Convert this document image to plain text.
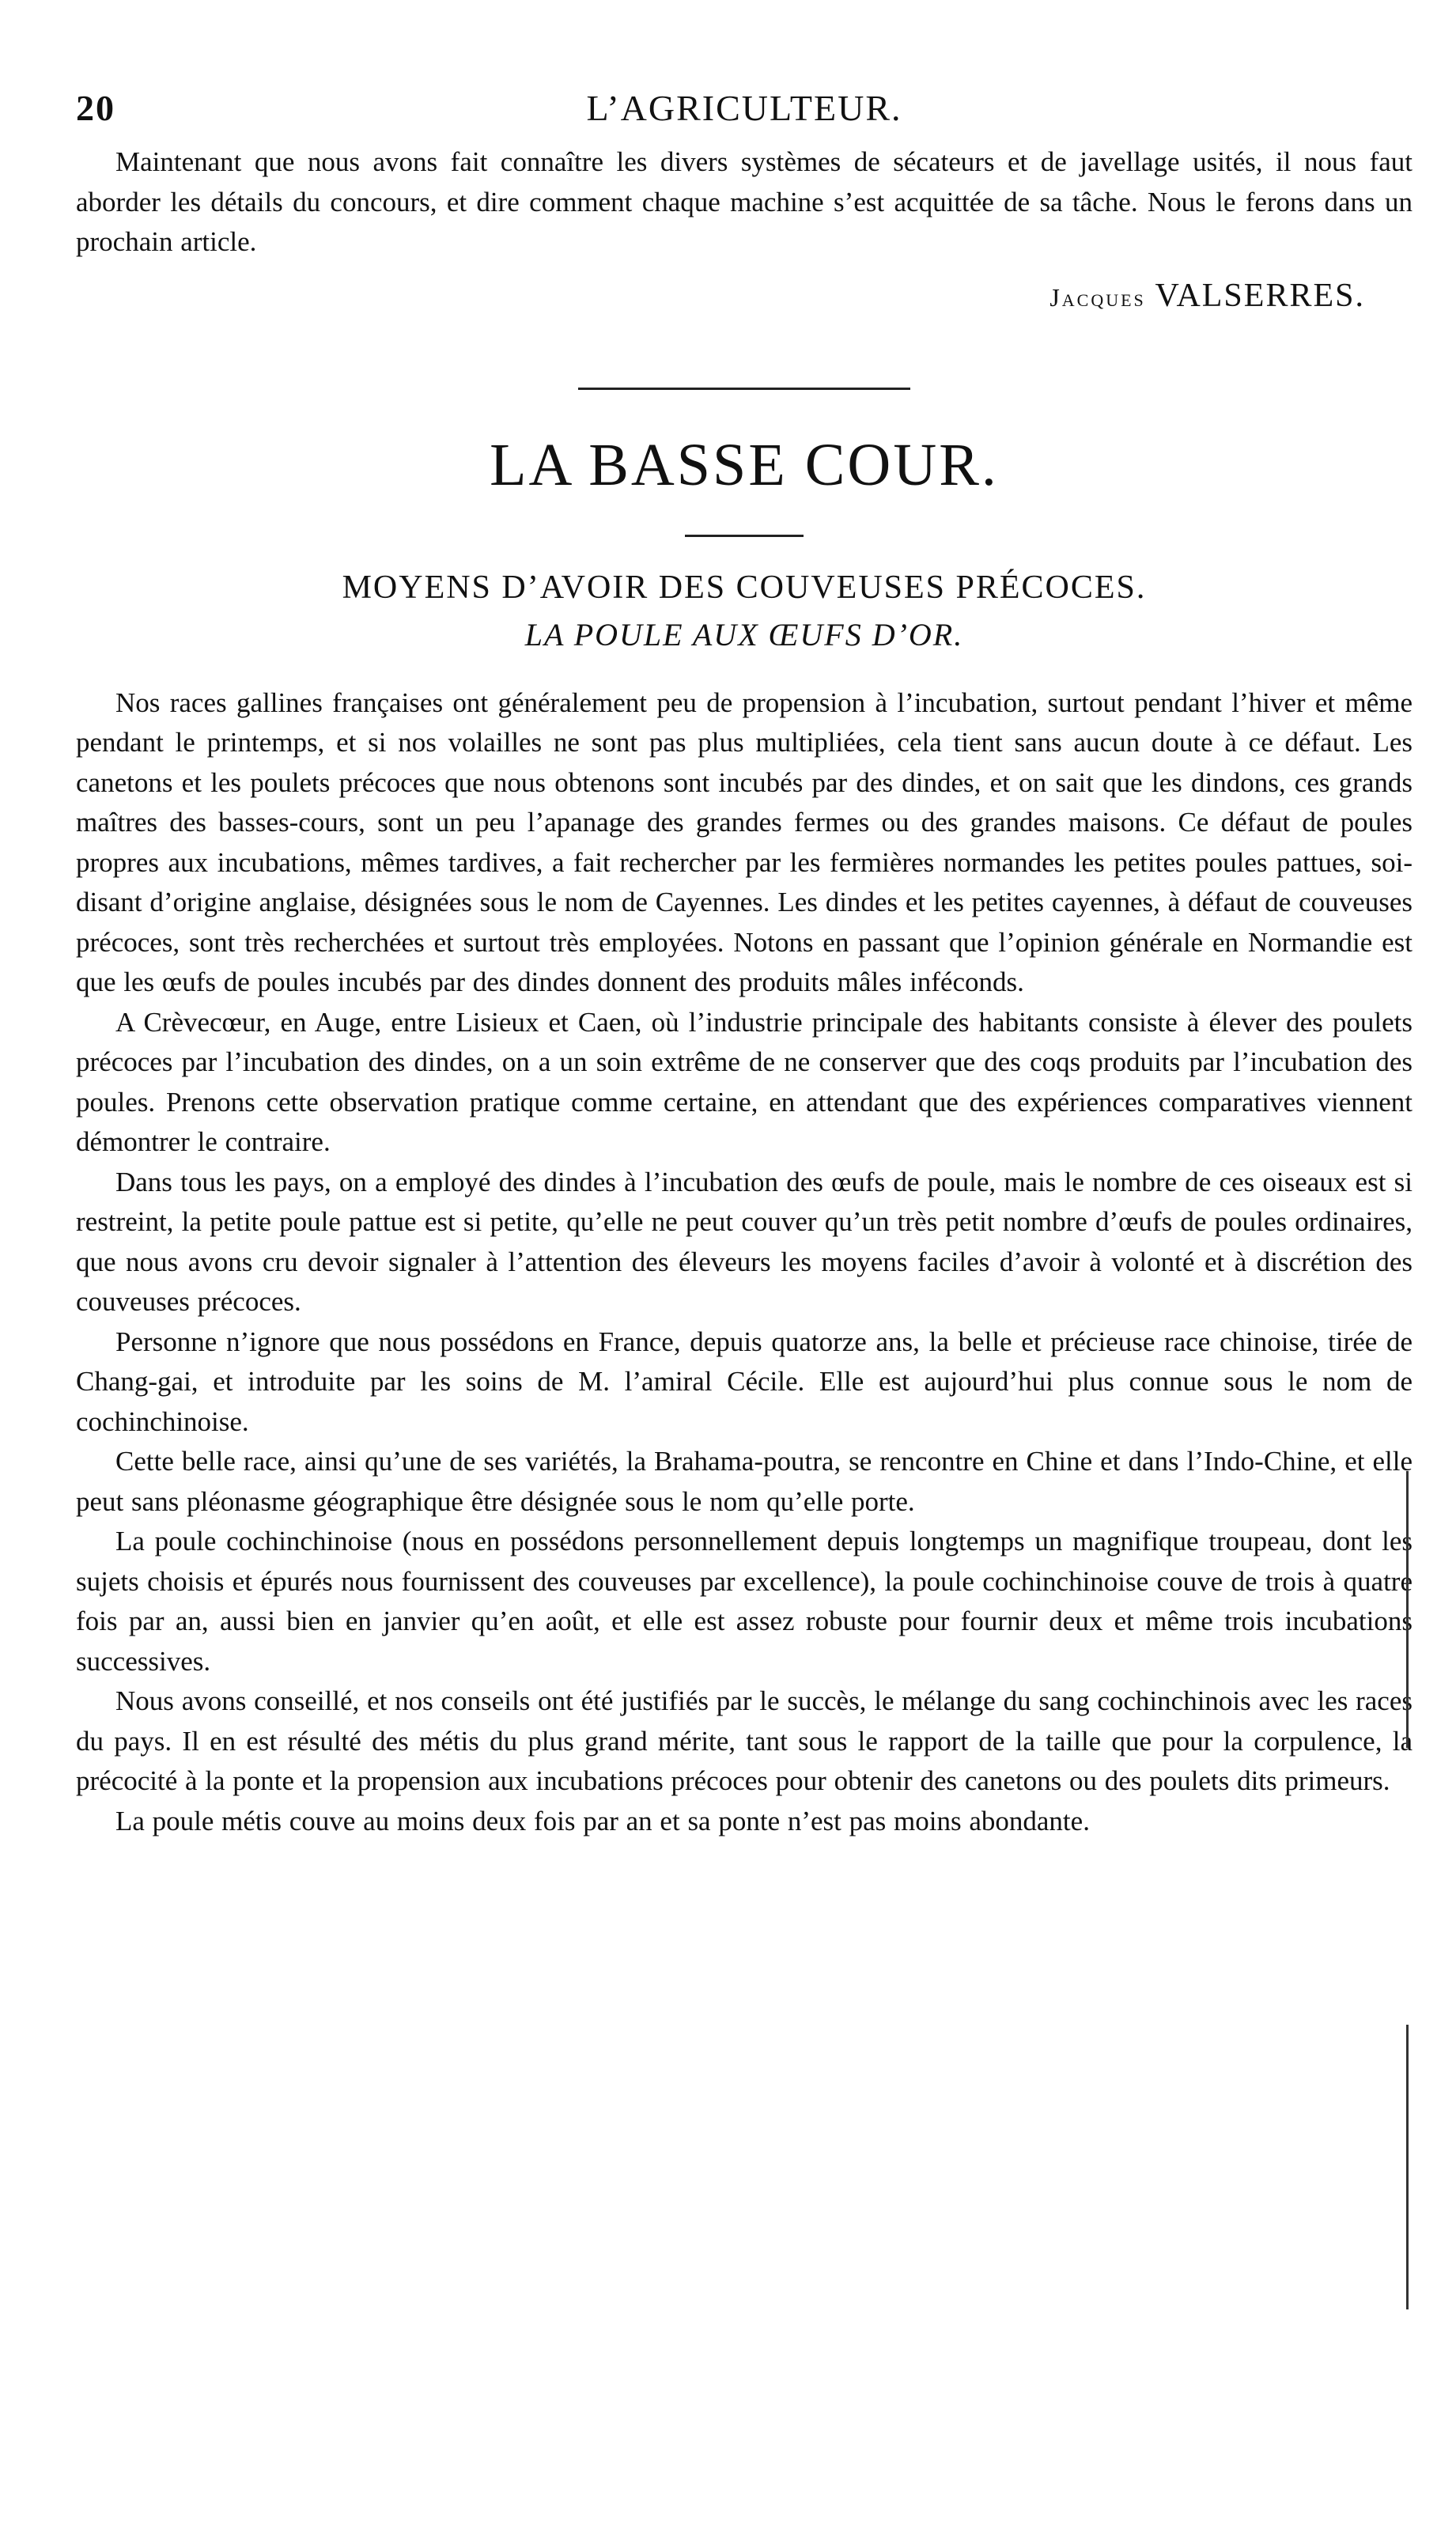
20	L’AGRICULTEUR.

Maintenant que nous avons fait connaître les divers systèmes de sécateurs et de javellage usités, il nous faut aborder les détails du concours, et dire comment chaque machine s’est acquittée de sa tâche. Nous le ferons dans un prochain article.

Jacques VALSERRES.
LA BASSE COUR.
MOYENS D’AVOIR DES COUVEUSES PRÉCOCES.
LA POULE AUX ŒUFS D’OR.

Nos races gallines françaises ont généralement peu de propension à l’incubation, surtout pendant l’hiver et même pendant le printemps, et si nos volailles ne sont pas plus multipliées, cela tient sans aucun doute à ce défaut. Les canetons et les poulets précoces que nous obtenons sont incubés par des dindes, et on sait que les dindons, ces grands maîtres des basses-cours, sont un peu l’apanage des grandes fermes ou des grandes maisons. Ce défaut de poules propres aux incubations, mêmes tardives, a fait rechercher par les fermières normandes les petites poules pattues, soi-disant d’origine anglaise, désignées sous le nom de Cayennes. Les dindes et les petites cayennes, à défaut de couveuses précoces, sont très recherchées et surtout très employées. Notons en passant que l’opinion générale en Normandie est que les œufs de poules incubés par des dindes donnent des produits mâles inféconds.

A Crèvecœur, en Auge, entre Lisieux et Caen, où l’industrie principale des habitants consiste à élever des poulets précoces par l’incubation des dindes, on a un soin extrême de ne conserver que des coqs produits par l’incubation des poules. Prenons cette observation pratique comme certaine, en attendant que des expériences comparatives viennent démontrer le contraire.

Dans tous les pays, on a employé des dindes à l’incubation des œufs de poule, mais le nombre de ces oiseaux est si restreint, la petite poule pattue est si petite, qu’elle ne peut couver qu’un très petit nombre d’œufs de poules ordinaires, que nous avons cru devoir signaler à l’attention des éleveurs les moyens faciles d’avoir à volonté et à discrétion des couveuses précoces.

Personne n’ignore que nous possédons en France, depuis quatorze ans, la belle et précieuse race chinoise, tirée de Chang-gai, et introduite par les soins de M. l’amiral Cécile. Elle est aujourd’hui plus connue sous le nom de cochinchinoise.

Cette belle race, ainsi qu’une de ses variétés, la Brahama-poutra, se rencontre en Chine et dans l’Indo-Chine, et elle peut sans pléonasme géographique être désignée sous le nom qu’elle porte.

La poule cochinchinoise (nous en possédons personnellement depuis longtemps un magnifique troupeau, dont les sujets choisis et épurés nous fournissent des couveuses par excellence), la poule cochinchinoise couve de trois à quatre fois par an, aussi bien en janvier qu’en août, et elle est assez robuste pour fournir deux et même trois incubations successives.

Nous avons conseillé, et nos conseils ont été justifiés par le succès, le mélange du sang cochinchinois avec les races du pays. Il en est résulté des métis du plus grand mérite, tant sous le rapport de la taille que pour la corpulence, la précocité à la ponte et la propension aux incubations précoces pour obtenir des canetons ou des poulets dits primeurs.

La poule métis couve au moins deux fois par an et sa ponte n’est pas moins abondante.
